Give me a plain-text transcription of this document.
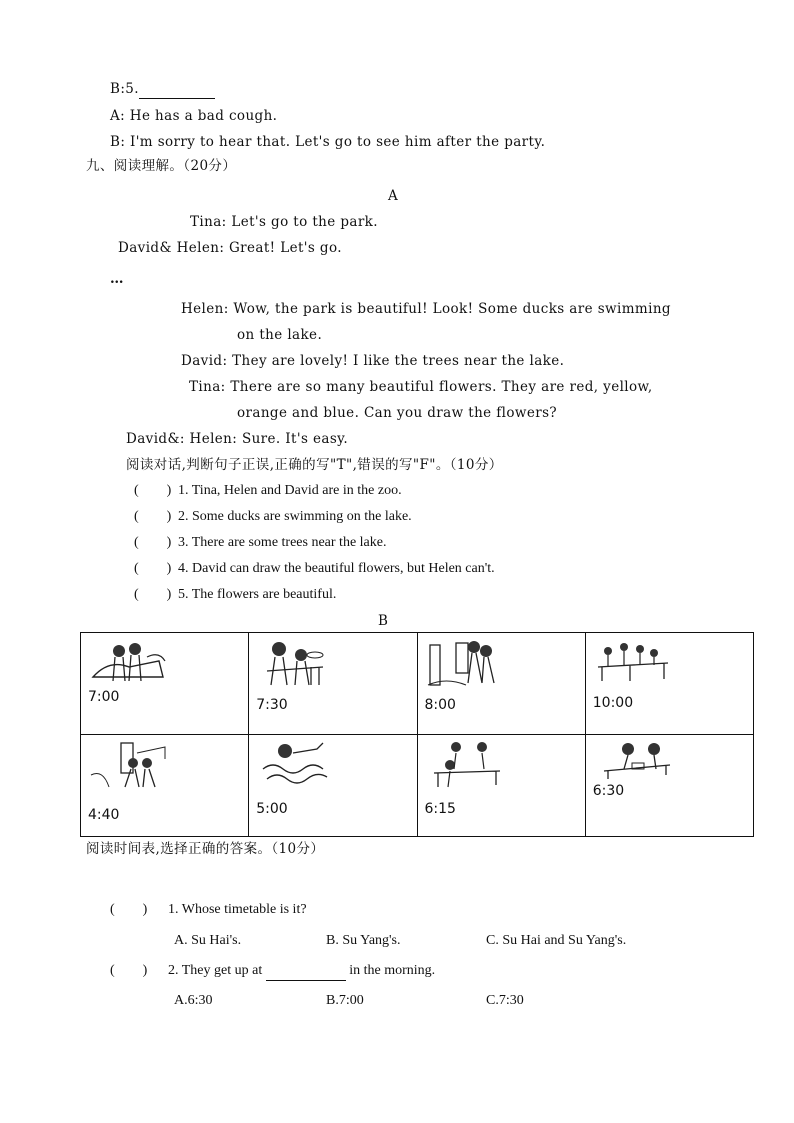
B:5.
A: He has a bad cough.
B: I'm sorry to hear that. Let's go to see him after the party.
九、阅读理解。（20分）
A
Tina: Let's go to the park.
David& Helen: Great! Let's go.
…
Helen: Wow, the park is beautiful! Look! Some ducks are swimming
on the lake.
David: They are lovely! I like the trees near the lake.
Tina: There are so many beautiful flowers. They are red, yellow,
orange and blue. Can you draw the flowers?
David&: Helen: Sure. It's easy.
阅读对话,判断句子正误,正确的写"T",错误的写"F"。（10分）
(        ) 1. Tina, Helen and David are in the zoo.
(        ) 2. Some ducks are swimming on the lake.
(        ) 3. There are some trees near the lake.
(        ) 4. David can draw the beautiful flowers, but Helen can't.
(        ) 5. The flowers are beautiful.
B
7:00	7:30	8:00	10:00

4:40	5:00	6:15	6:30
阅读时间表,选择正确的答案。（10分）
(        ) 1. Whose timetable is it?
A. Su Hai's.	B. Su Yang's.	C. Su Hai and Su Yang's.
(        ) 2. They get up at	in the morning.
A.6:30	B.7:00	C.7:30
